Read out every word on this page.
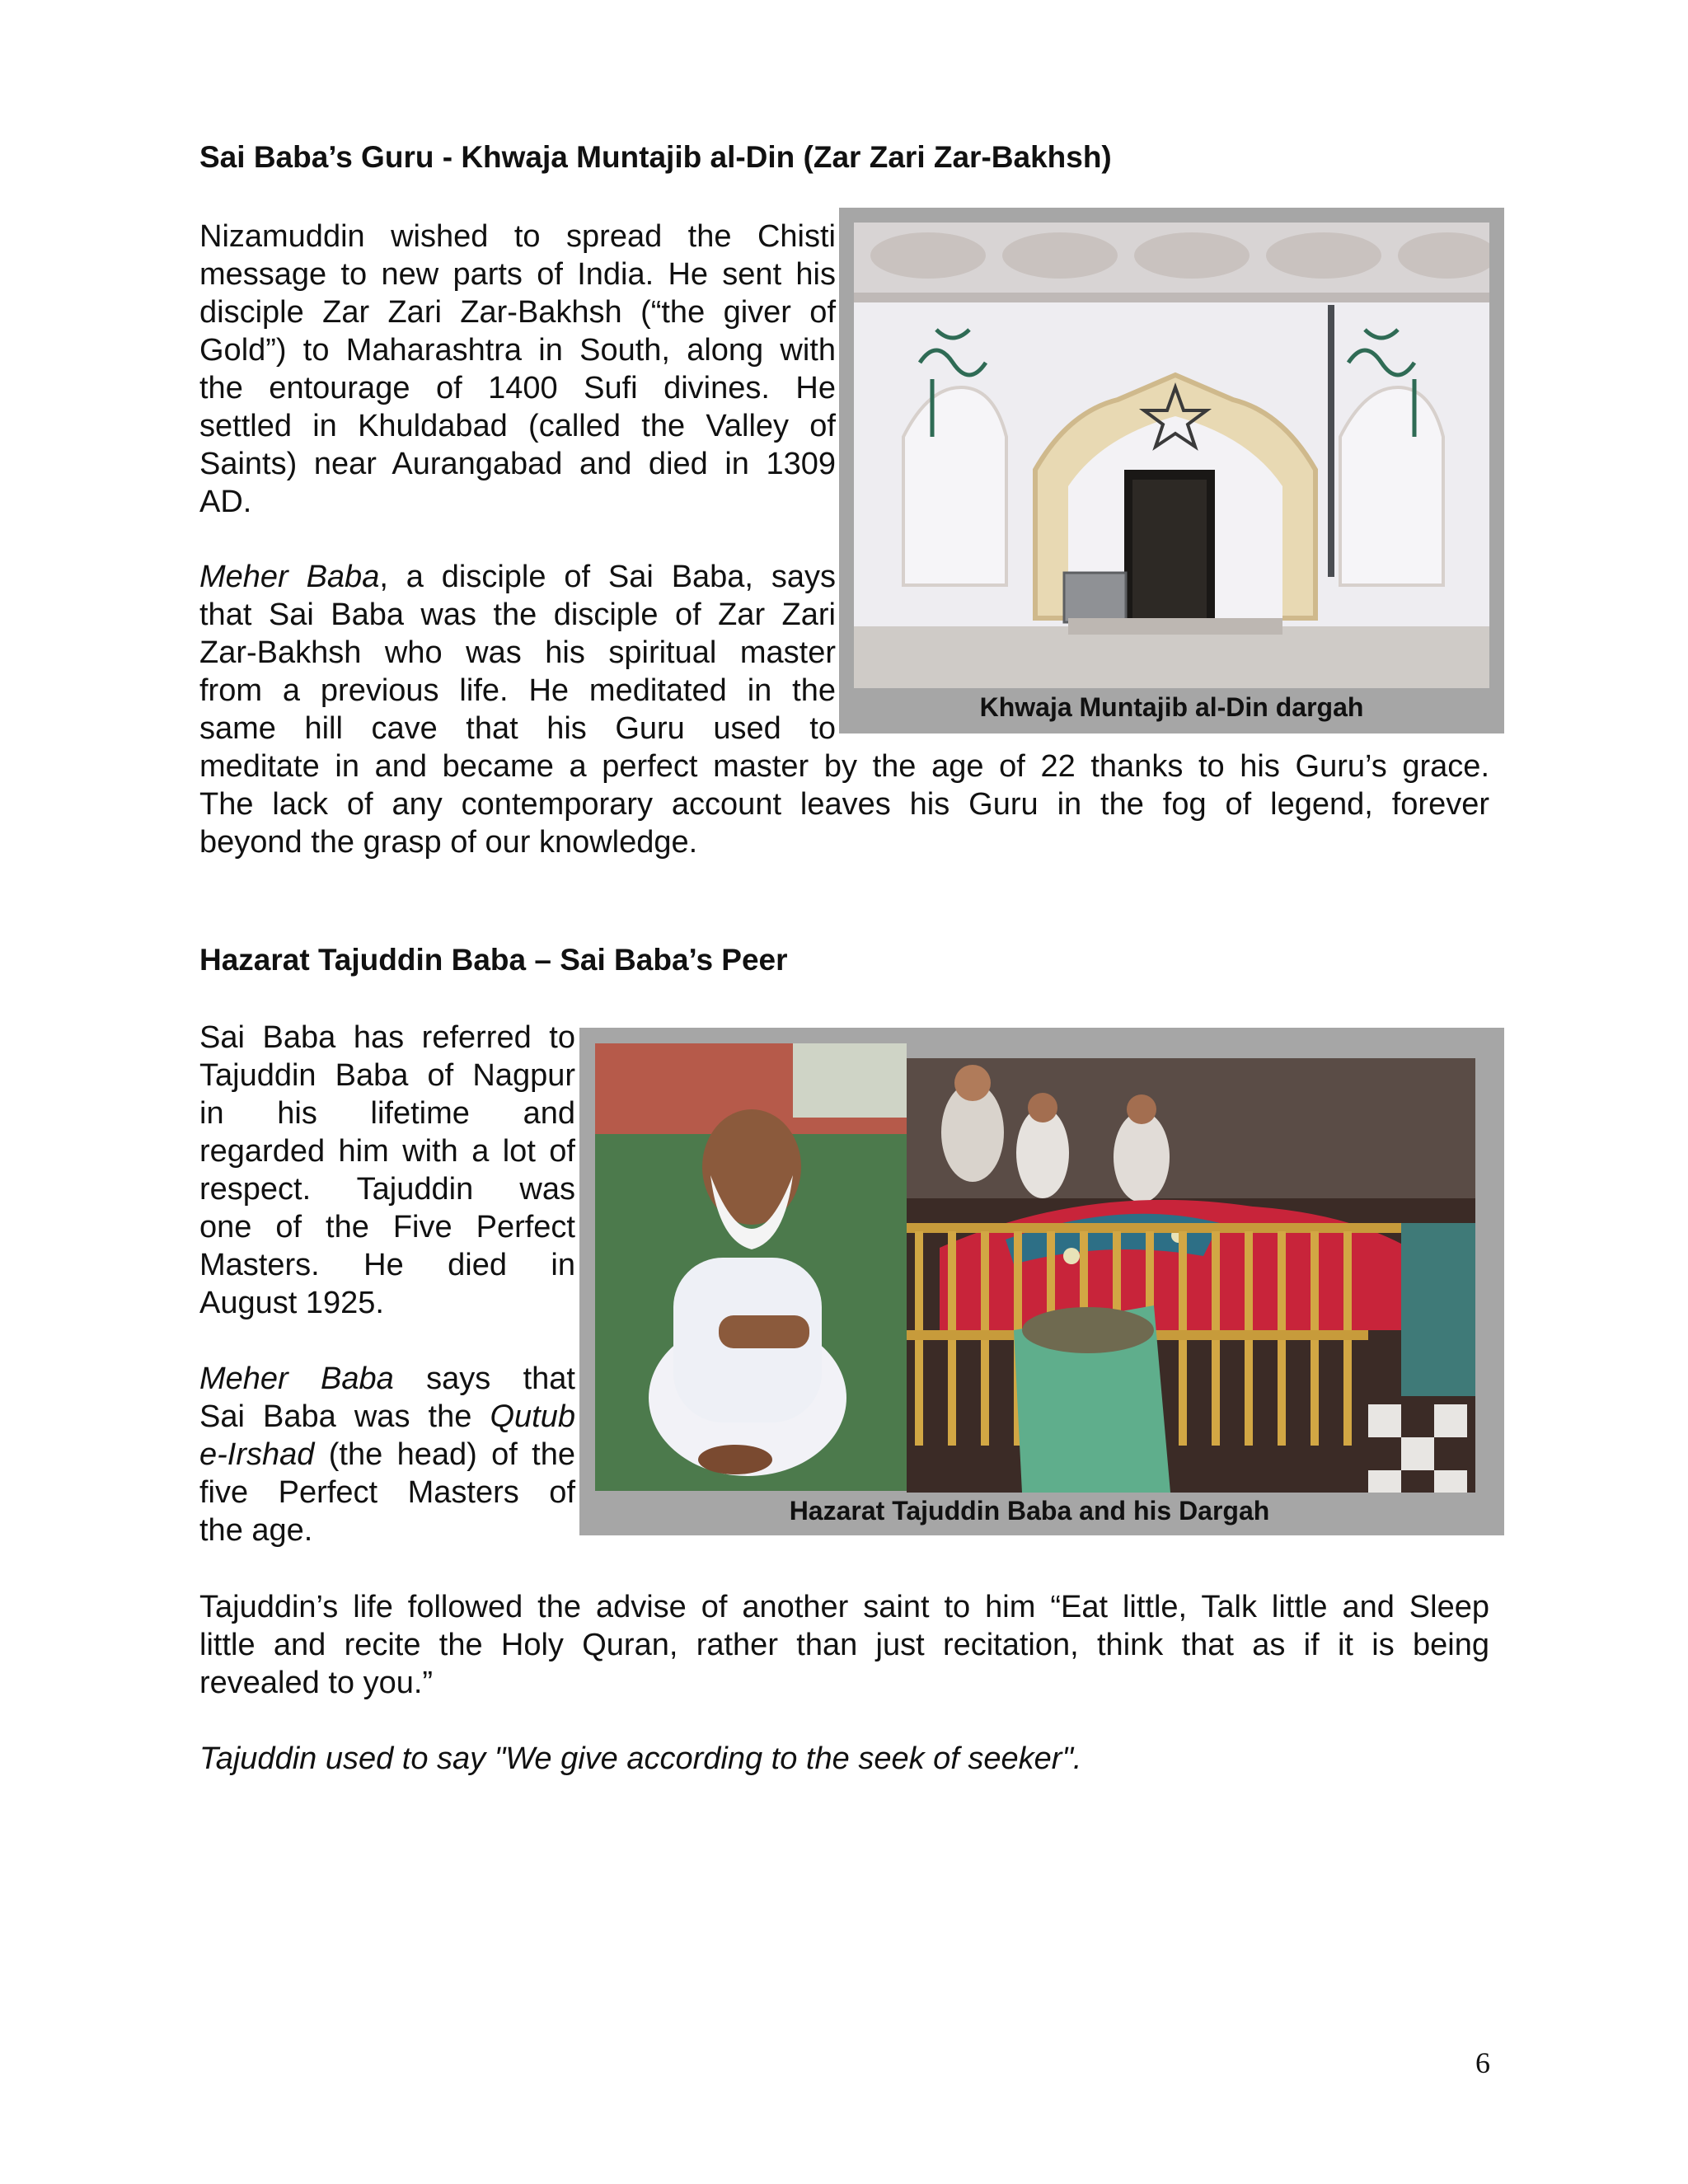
Sai Baba’s Guru - Khwaja Muntajib al-Din (Zar Zari Zar-Bakhsh)

Nizamuddin wished to spread the Chisti

message to new parts of India. He sent his

disciple Zar Zari Zar-Bakhsh (“the giver of

Gold”) to Maharashtra in South, along with

the entourage of 1400 Sufi divines. He

settled in Khuldabad (called the Valley of

Saints) near Aurangabad and died in 1309

AD.

Meher Baba, a disciple of Sai Baba, says

that Sai Baba was the disciple of Zar Zari

Zar-Bakhsh who was his spiritual master

from a previous life. He meditated in the

same hill cave that his Guru used to

meditate in and became a perfect master by the age of 22 thanks to his Guru’s grace.

The lack of any contemporary account leaves his Guru in the fog of legend, forever

beyond the grasp of our knowledge.

Khwaja Muntajib al-Din dargah
Hazarat Tajuddin Baba – Sai Baba’s Peer

Sai Baba has referred to

Tajuddin Baba of Nagpur

in his lifetime and

regarded him with a lot of

respect. Tajuddin was

one of the Five Perfect

Masters. He died in

August 1925.

Meher Baba says that

Sai Baba was the Qutub

e-Irshad (the head) of the

five Perfect Masters of

the age.

Hazarat Tajuddin Baba and his Dargah

Tajuddin’s life followed the advise of another saint to him “Eat little, Talk little and Sleep

little and recite the Holy Quran, rather than just recitation, think that as if it is being

revealed to you.”

Tajuddin used to say "We give according to the seek of seeker".
6
